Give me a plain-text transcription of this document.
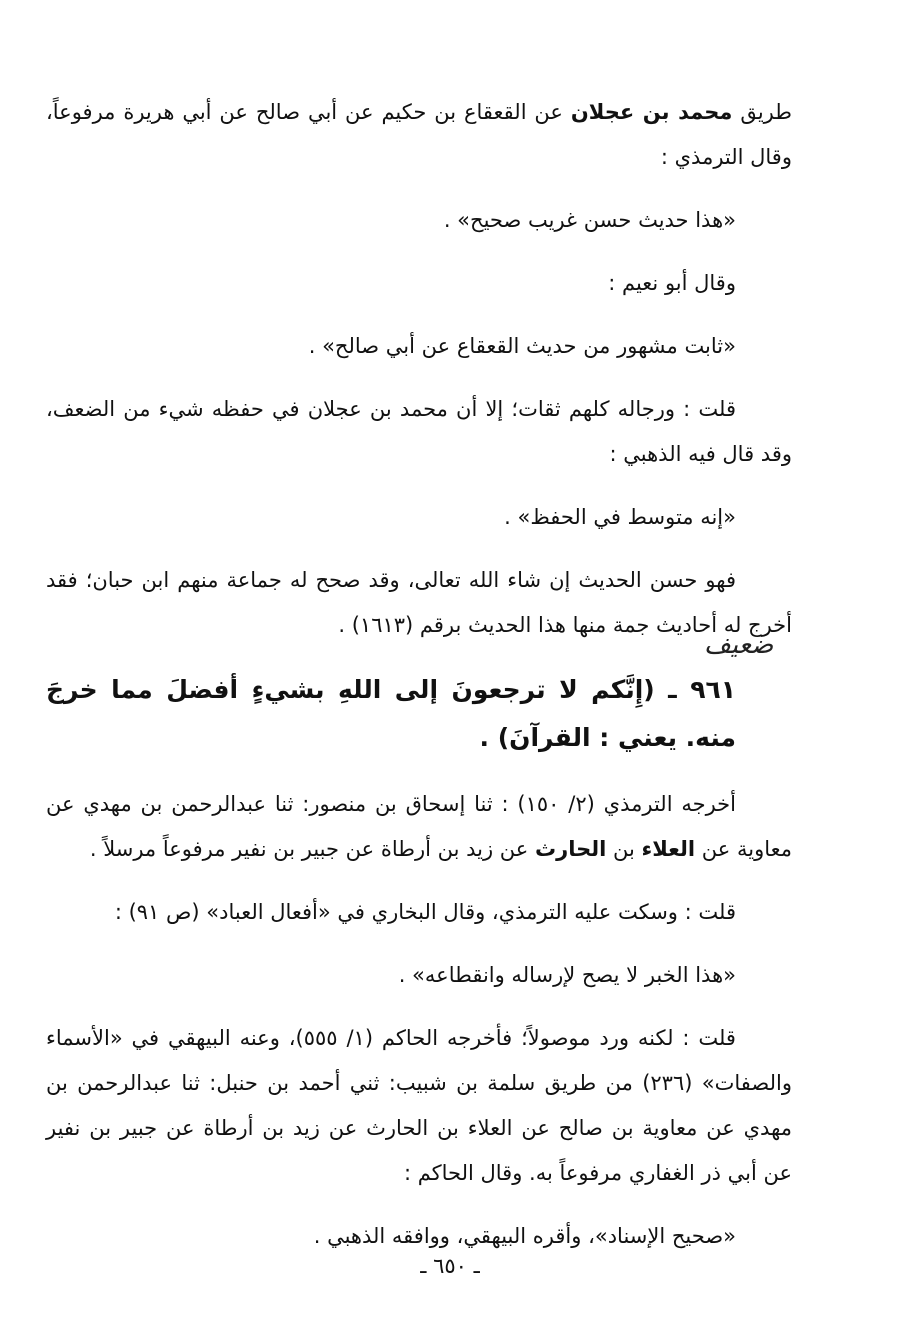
طريق محمد بن عجلان عن القعقاع بن حكيم عن أبي صالح عن أبي هريرة مرفوعاً، وقال الترمذي :

«هذا حديث حسن غريب صحيح» .

وقال أبو نعيم :

«ثابت مشهور من حديث القعقاع عن أبي صالح» .

قلت : ورجاله كلهم ثقات؛ إلا أن محمد بن عجلان في حفظه شيء من الضعف، وقد قال فيه الذهبي :

«إنه متوسط في الحفظ» .

فهو حسن الحديث إن شاء الله تعالى، وقد صحح له جماعة منهم ابن حبان؛ فقد أخرج له أحاديث جمة منها هذا الحديث برقم (١٦١٣) .

٩٦١ ـ (إِنَّكم لا ترجعونَ إلى اللهِ بشيءٍ أفضلَ مما خرجَ منه. يعني : القرآنَ) .

أخرجه الترمذي (٢/ ١٥٠) : ثنا إسحاق بن منصور: ثنا عبدالرحمن بن مهدي عن معاوية عن العلاء بن الحارث عن زيد بن أرطاة عن جبير بن نفير مرفوعاً مرسلاً .

قلت : وسكت عليه الترمذي، وقال البخاري في «أفعال العباد» (ص ٩١) :

«هذا الخبر لا يصح لإرساله وانقطاعه» .

قلت : لكنه ورد موصولاً؛ فأخرجه الحاكم (١/ ٥٥٥)، وعنه البيهقي في «الأسماء والصفات» (٢٣٦) من طريق سلمة بن شبيب: ثني أحمد بن حنبل: ثنا عبدالرحمن بن مهدي عن معاوية بن صالح عن العلاء بن الحارث عن زيد بن أرطاة عن جبير بن نفير عن أبي ذر الغفاري مرفوعاً به. وقال الحاكم :

«صحيح الإسناد»، وأقره البيهقي، ووافقه الذهبي .

ضعيف
ـ ٦٥٠ ـ
